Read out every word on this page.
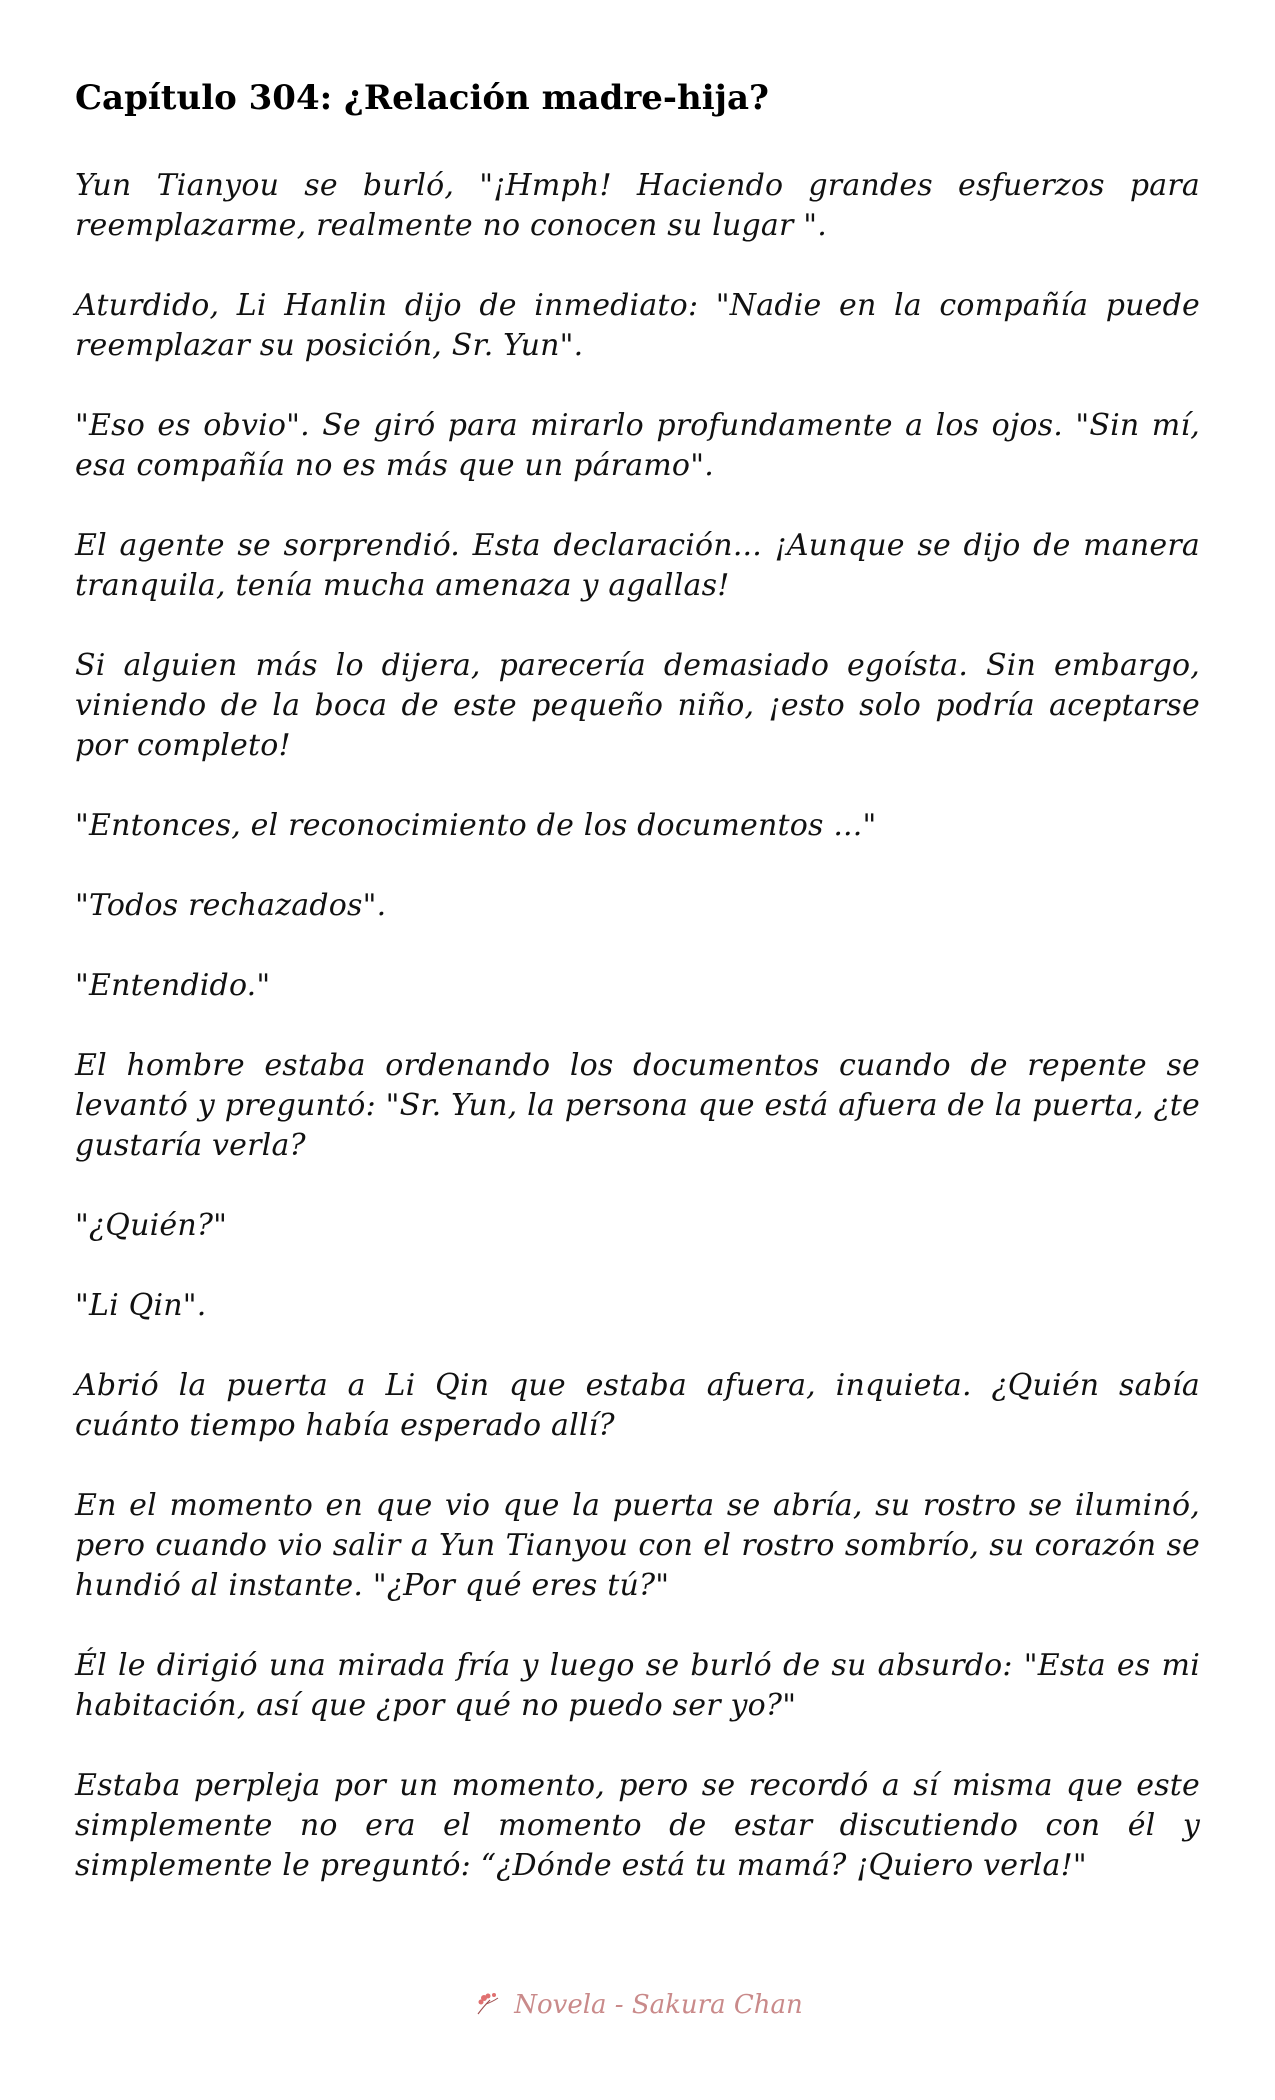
Capítulo 304: ¿Relación madre-hija?

Yun Tianyou se burló, "¡Hmph! Haciendo grandes esfuerzos para reemplazarme, realmente no conocen su lugar ".

Aturdido, Li Hanlin dijo de inmediato: "Nadie en la compañía puede reemplazar su posición, Sr. Yun".

"Eso es obvio". Se giró para mirarlo profundamente a los ojos. "Sin mí, esa compañía no es más que un páramo".

El agente se sorprendió. Esta declaración... ¡Aunque se dijo de manera tranquila, tenía mucha amenaza y agallas!

Si alguien más lo dijera, parecería demasiado egoísta. Sin embargo, viniendo de la boca de este pequeño niño, ¡esto solo podría aceptarse por completo!

"Entonces, el reconocimiento de los documentos ..."

"Todos rechazados".

"Entendido."

El hombre estaba ordenando los documentos cuando de repente se levantó y preguntó: "Sr. Yun, la persona que está afuera de la puerta, ¿te gustaría verla?

"¿Quién?"

"Li Qin".

Abrió la puerta a Li Qin que estaba afuera, inquieta. ¿Quién sabía cuánto tiempo había esperado allí?

En el momento en que vio que la puerta se abría, su rostro se iluminó, pero cuando vio salir a Yun Tianyou con el rostro sombrío, su corazón se hundió al instante. "¿Por qué eres tú?"

Él le dirigió una mirada fría y luego se burló de su absurdo: "Esta es mi habitación, así que ¿por qué no puedo ser yo?"

Estaba perpleja por un momento, pero se recordó a sí misma que este simplemente no era el momento de estar discutiendo con él y simplemente le preguntó: “¿Dónde está tu mamá? ¡Quiero verla!"

Novela - Sakura Chan
